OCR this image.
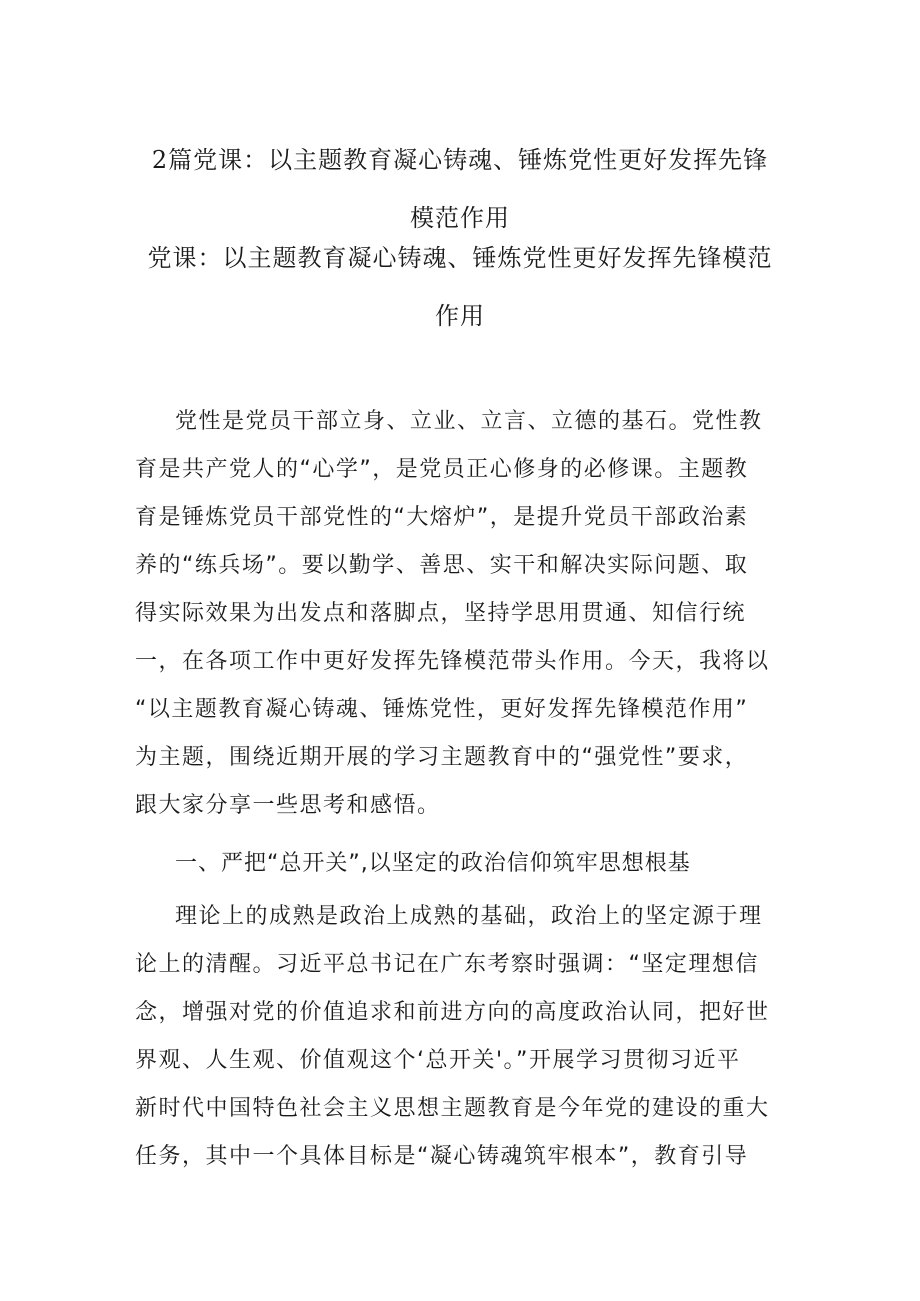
2篇党课：以主题教育凝心铸魂、锤炼党性更好发挥先锋
模范作用
党课：以主题教育凝心铸魂、锤炼党性更好发挥先锋模范
作用
党性是党员干部立身、立业、立言、立德的基石。党性教
育是共产党人的“心学”，是党员正心修身的必修课。主题教
育是锤炼党员干部党性的“大熔炉”，是提升党员干部政治素
养的“练兵场”。要以勤学、善思、实干和解决实际问题、取
得实际效果为出发点和落脚点，坚持学思用贯通、知信行统
一，在各项工作中更好发挥先锋模范带头作用。今天，我将以
“以主题教育凝心铸魂、锤炼党性，更好发挥先锋模范作用”
为主题，围绕近期开展的学习主题教育中的“强党性”要求，
跟大家分享一些思考和感悟。
一、严把“总开关”,以坚定的政治信仰筑牢思想根基
理论上的成熟是政治上成熟的基础，政治上的坚定源于理
论上的清醒。习近平总书记在广东考察时强调：“坚定理想信
念，增强对党的价值追求和前进方向的高度政治认同，把好世
界观、人生观、价值观这个‘总开关'。”开展学习贯彻习近平
新时代中国特色社会主义思想主题教育是今年党的建设的重大
任务，其中一个具体目标是“凝心铸魂筑牢根本”，教育引导
